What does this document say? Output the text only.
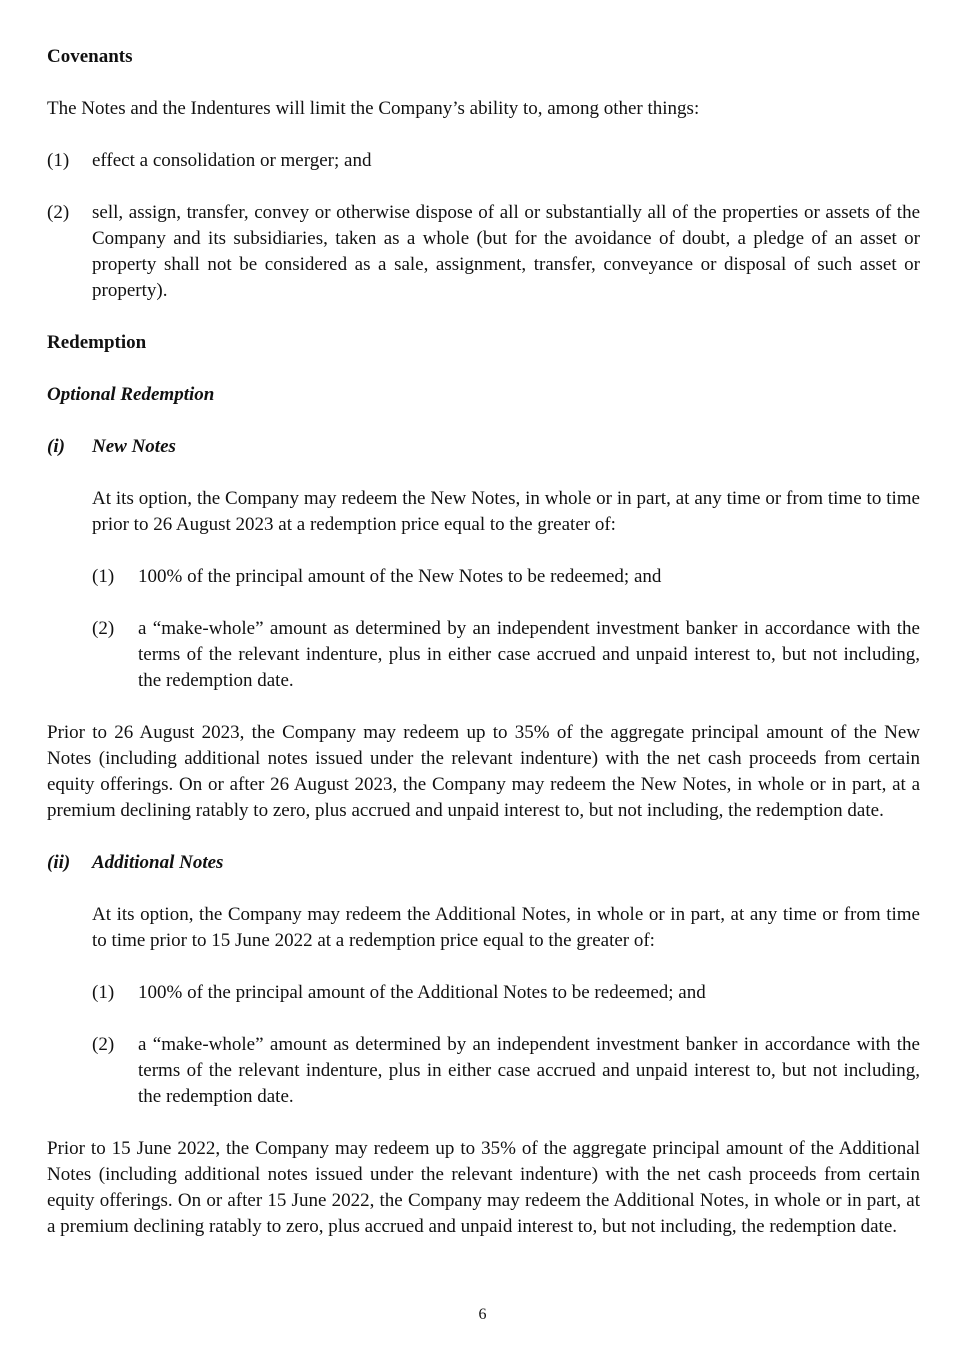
Covenants

The Notes and the Indentures will limit the Company’s ability to, among other things:

(1)	effect a consolidation or merger; and
(2)	sell, assign, transfer, convey or otherwise dispose of all or substantially all of the properties or assets of the Company and its subsidiaries, taken as a whole (but for the avoidance of doubt, a pledge of an asset or property shall not be considered as a sale, assignment, transfer, conveyance or disposal of such asset or property).
Redemption
Optional Redemption
(i)	New Notes

At its option, the Company may redeem the New Notes, in whole or in part, at any time or from time to time prior to 26 August 2023 at a redemption price equal to the greater of:

(1)	100% of the principal amount of the New Notes to be redeemed; and
(2)	a “make-whole” amount as determined by an independent investment banker in accordance with the terms of the relevant indenture, plus in either case accrued and unpaid interest to, but not including, the redemption date.

Prior to 26 August 2023, the Company may redeem up to 35% of the aggregate principal amount of the New Notes (including additional notes issued under the relevant indenture) with the net cash proceeds from certain equity offerings. On or after 26 August 2023, the Company may redeem the New Notes, in whole or in part, at a premium declining ratably to zero, plus accrued and unpaid interest to, but not including, the redemption date.

(ii)	Additional Notes

At its option, the Company may redeem the Additional Notes, in whole or in part, at any time or from time to time prior to 15 June 2022 at a redemption price equal to the greater of:

(1)	100% of the principal amount of the Additional Notes to be redeemed; and
(2)	a “make-whole” amount as determined by an independent investment banker in accordance with the terms of the relevant indenture, plus in either case accrued and unpaid interest to, but not including, the redemption date.

Prior to 15 June 2022, the Company may redeem up to 35% of the aggregate principal amount of the Additional Notes (including additional notes issued under the relevant indenture) with the net cash proceeds from certain equity offerings. On or after 15 June 2022, the Company may redeem the Additional Notes, in whole or in part, at a premium declining ratably to zero, plus accrued and unpaid interest to, but not including, the redemption date.

6
